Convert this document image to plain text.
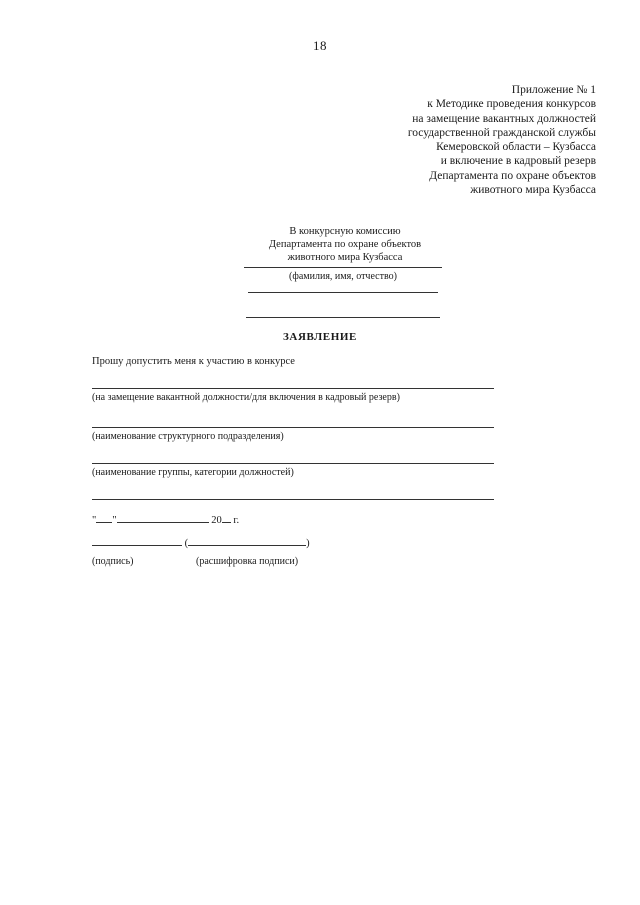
18
Приложение № 1
к Методике проведения конкурсов
на замещение вакантных должностей
государственной гражданской службы
Кемеровской области – Кузбасса
и включение в кадровый резерв
Департамента по охране объектов
животного мира Кузбасса
В конкурсную комиссию
Департамента по охране объектов
животного мира Кузбасса
(фамилия, имя, отчество)
ЗАЯВЛЕНИЕ
Прошу допустить меня к участию в конкурсе
(на замещение вакантной должности/для включения в кадровый резерв)
(наименование структурного подразделения)
(наименование группы, категории должностей)
" "	20 г.
(	)
(подпись)	(расшифровка подписи)
